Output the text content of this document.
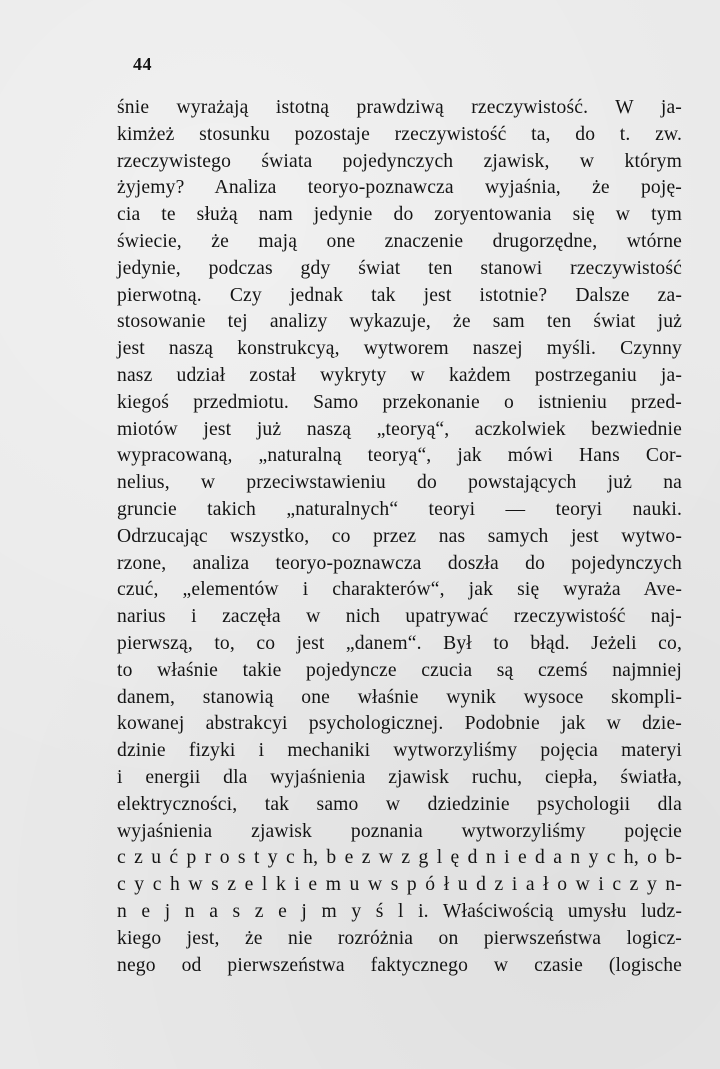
44
śnie wyrażają istotną prawdziwą rzeczywistość. W ja-
kimżeż stosunku pozostaje rzeczywistość ta, do t. zw.
rzeczywistego świata pojedynczych zjawisk, w którym
żyjemy? Analiza teoryo-poznawcza wyjaśnia, że poję-
cia te służą nam jedynie do zoryentowania się w tym
świecie, że mają one znaczenie drugorzędne, wtórne
jedynie, podczas gdy świat ten stanowi rzeczywistość
pierwotną. Czy jednak tak jest istotnie? Dalsze za-
stosowanie tej analizy wykazuje, że sam ten świat już
jest naszą konstrukcyą, wytworem naszej myśli. Czynny
nasz udział został wykryty w każdem postrzeganiu ja-
kiegoś przedmiotu. Samo przekonanie o istnieniu przed-
miotów jest już naszą „teoryą“, aczkolwiek bezwiednie
wypracowaną, „naturalną teoryą“, jak mówi Hans Cor-
nelius, w przeciwstawieniu do powstających już na
gruncie takich „naturalnych“ teoryi — teoryi nauki.
Odrzucając wszystko, co przez nas samych jest wytwo-
rzone, analiza teoryo-poznawcza doszła do pojedynczych
czuć, „elementów i charakterów“, jak się wyraża Ave-
narius i zaczęła w nich upatrywać rzeczywistość naj-
pierwszą, to, co jest „danem“. Był to błąd. Jeżeli co,
to właśnie takie pojedyncze czucia są czemś najmniej
danem, stanowią one właśnie wynik wysoce skompli-
kowanej abstrakcyi psychologicznej. Podobnie jak w dzie-
dzinie fizyki i mechaniki wytworzyliśmy pojęcia materyi
i energii dla wyjaśnienia zjawisk ruchu, ciepła, światła,
elektryczności, tak samo w dziedzinie psychologii dla
wyjaśnienia zjawisk poznania wytworzyliśmy pojęcie
c z u ć p r o s t y c h, b e z w z g l ę d n i e d a n y c h, o b-
c y c h w s z e l k i e m u w s p ó ł u d z i a ł o w i c z y n-
n e j n a s z e j m y ś l i. Właściwością umysłu ludz-
kiego jest, że nie rozróżnia on pierwszeństwa logicz-
nego od pierwszeństwa faktycznego w czasie (logische
